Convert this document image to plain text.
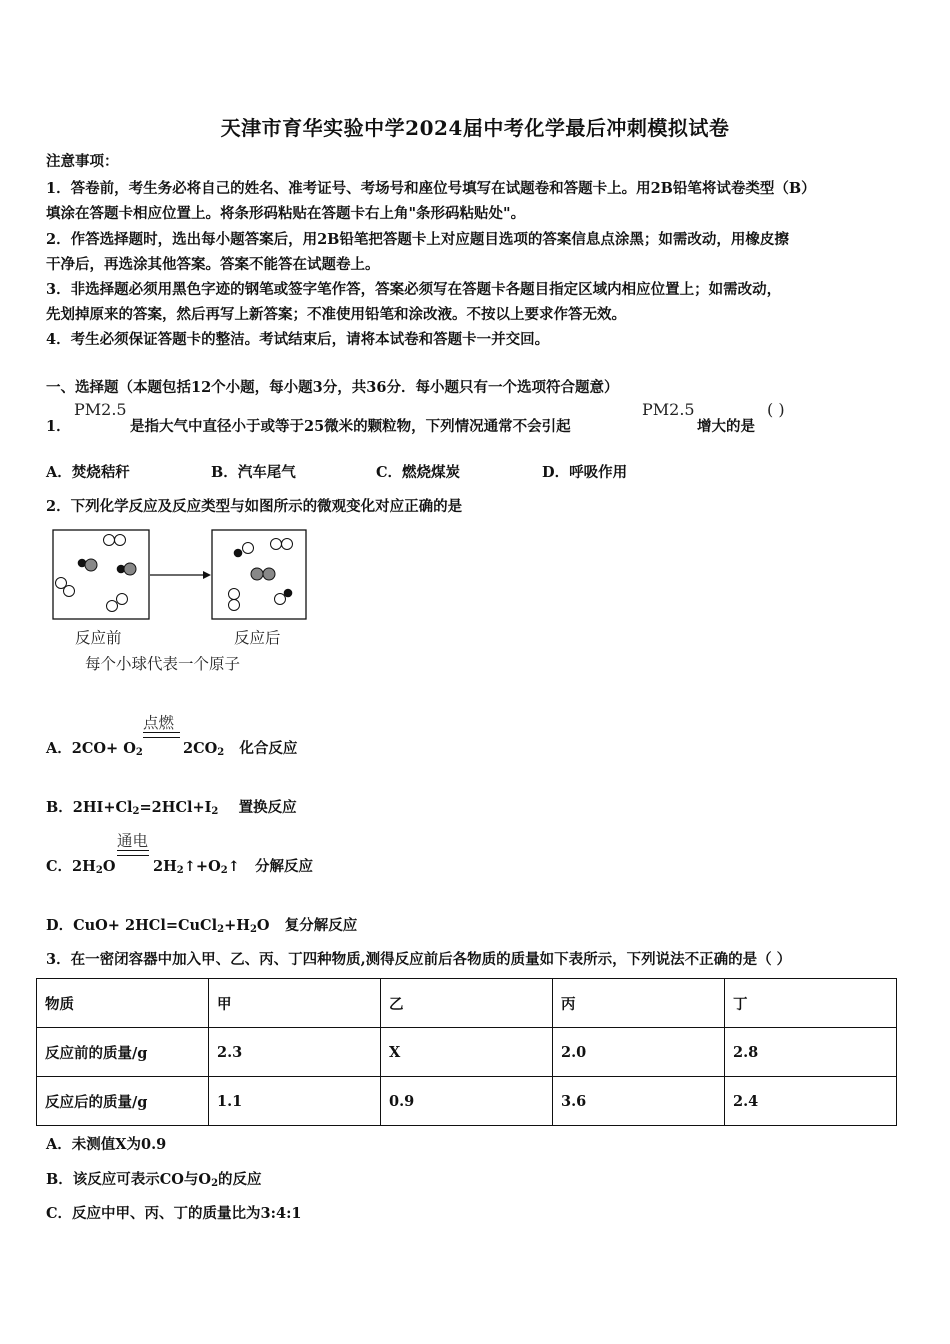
天津市育华实验中学2024届中考化学最后冲刺模拟试卷
注意事项：
1．答卷前，考生务必将自己的姓名、准考证号、考场号和座位号填写在试题卷和答题卡上。用2B铅笔将试卷类型（B）
填涂在答题卡相应位置上。将条形码粘贴在答题卡右上角"条形码粘贴处"。
2．作答选择题时，选出每小题答案后，用2B铅笔把答题卡上对应题目选项的答案信息点涂黑；如需改动，用橡皮擦
干净后，再选涂其他答案。答案不能答在试题卷上。
3．非选择题必须用黑色字迹的钢笔或签字笔作答，答案必须写在答题卡各题目指定区域内相应位置上；如需改动，
先划掉原来的答案，然后再写上新答案；不准使用铅笔和涂改液。不按以上要求作答无效。
4．考生必须保证答题卡的整洁。考试结束后，请将本试卷和答题卡一并交回。
一、选择题（本题包括12个小题，每小题3分，共36分．每小题只有一个选项符合题意）
1．
PM2.5
是指大气中直径小于或等于25微米的颗粒物，下列情况通常不会引起
PM2.5
增大的是
( )
A．焚烧秸秆	B．汽车尾气	C．燃烧煤炭	D．呼吸作用
2．下列化学反应及反应类型与如图所示的微观变化对应正确的是
反应前	反应后
每个小球代表一个原子
点燃
A．$2CO+ O_2$	$2CO_2$ 化合反应
B．$2HI+Cl_2=2HCl+I_2$ 置换反应
通电
C．$2H_2O$	$2H_2↑+O_2↑$ 分解反应
D．$CuO+ 2HCl=CuCl_2+H_2O$ 复分解反应
3．在一密闭容器中加入甲、乙、丙、丁四种物质,测得反应前后各物质的质量如下表所示，下列说法不正确的是（ ）
物质	甲	乙	丙	丁
反应前的质量/g	2.3	X	2.0	2.8
反应后的质量/g	1.1	0.9	3.6	2.4
A．未测值X为0.9
B．该反应可表示CO与$O_2$的反应
C．反应中甲、丙、丁的质量比为3:4:1
